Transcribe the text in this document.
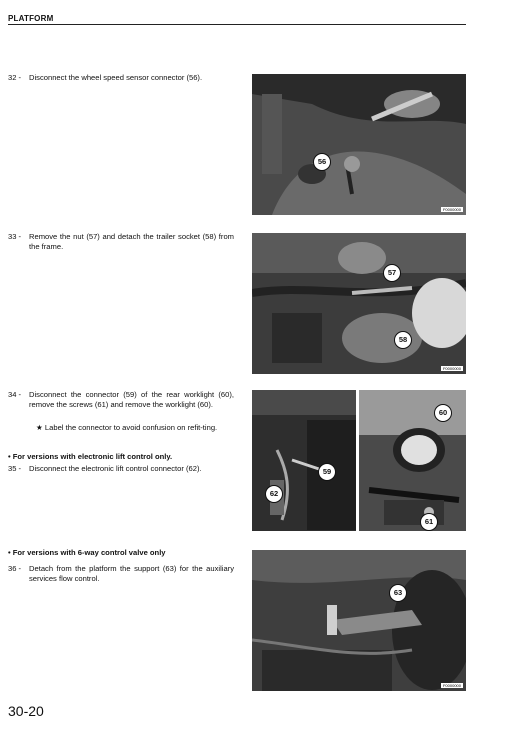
PLATFORM
32 - Disconnect the wheel speed sensor connector (56).
33 - Remove the nut (57) and detach the trailer socket (58) from the frame.
34 - Disconnect the connector (59) of the rear worklight (60), remove the screws (61) and remove the worklight (60).
★ Label the connector to avoid confusion on refit-ting.
• For versions with electronic lift control only.
35 - Disconnect the electronic lift control connector (62).
• For versions with 6-way control valve only
36 - Detach from the platform the support (63) for the auxiliary services flow control.
56
F0000000
57
58
F0000000
59
62
60
61
63
F0000000
30-20
